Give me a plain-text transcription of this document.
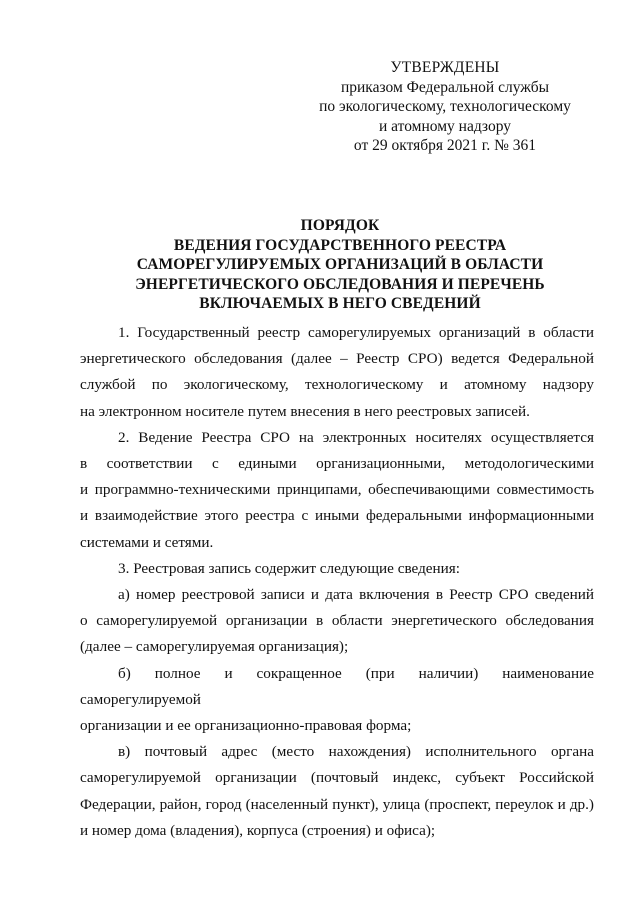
УТВЕРЖДЕНЫ
приказом Федеральной службы
по экологическому, технологическому
и атомному надзору
от 29 октября 2021 г. № 361
ПОРЯДОК
ВЕДЕНИЯ ГОСУДАРСТВЕННОГО РЕЕСТРА
САМОРЕГУЛИРУЕМЫХ ОРГАНИЗАЦИЙ В ОБЛАСТИ
ЭНЕРГЕТИЧЕСКОГО ОБСЛЕДОВАНИЯ И ПЕРЕЧЕНЬ
ВКЛЮЧАЕМЫХ В НЕГО СВЕДЕНИЙ
1. Государственный реестр саморегулируемых организаций в области
энергетического обследования (далее – Реестр СРО) ведется Федеральной
службой по экологическому, технологическому и атомному надзору
на электронном носителе путем внесения в него реестровых записей.
2. Ведение Реестра СРО на электронных носителях осуществляется
в соответствии с едиными организационными, методологическими
и программно-техническими принципами, обеспечивающими совместимость
и взаимодействие этого реестра с иными федеральными информационными
системами и сетями.
3. Реестровая запись содержит следующие сведения:
а) номер реестровой записи и дата включения в Реестр СРО сведений
о саморегулируемой организации в области энергетического обследования
(далее – саморегулируемая организация);
б) полное и сокращенное (при наличии) наименование саморегулируемой
организации и ее организационно-правовая форма;
в) почтовый адрес (место нахождения) исполнительного органа
саморегулируемой организации (почтовый индекс, субъект Российской
Федерации, район, город (населенный пункт), улица (проспект, переулок и др.)
и номер дома (владения), корпуса (строения) и офиса);
